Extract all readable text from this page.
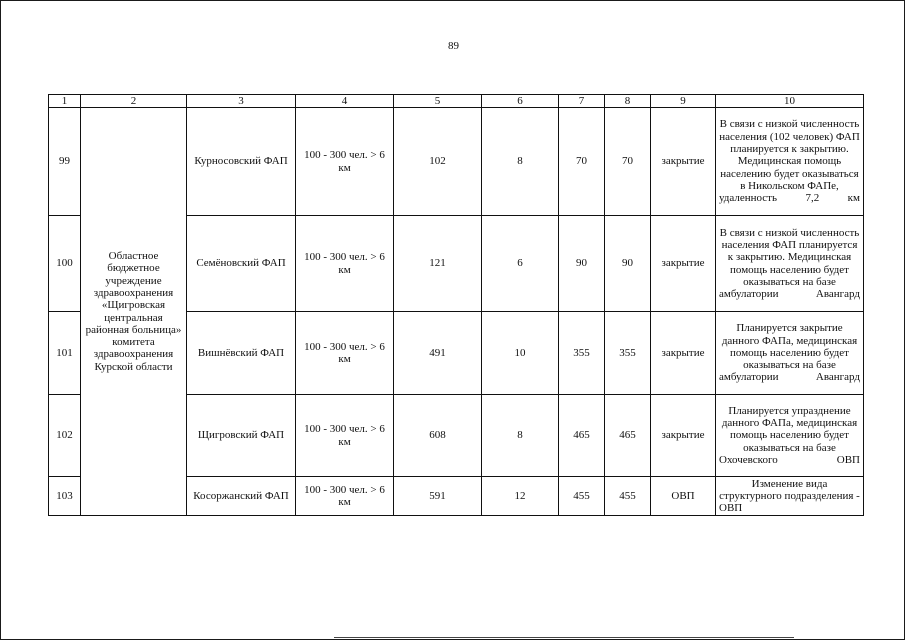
89
1	2	3	4	5	6	7	8	9	10
99	Областное бюджетное учреждение здравоохранения «Щигровская центральная районная больница» комитета здравоохранения Курской области	Курносовский ФАП	100 - 300 чел. > 6 км	102	8	70	70	закрытие	В связи с низкой численность населения (102 человек) ФАП планируется к закрытию. Медицинская помощь населению будет оказываться в Никольском ФАПе, удаленность 7,2 км

100		Семёновский ФАП	100 - 300 чел. > 6 км	121	6	90	90	закрытие	В связи с низкой численность населения ФАП планируется к закрытию. Медицинская помощь населению будет оказываться на базе амбулатории Авангард

101		Вишнёвский ФАП	100 - 300 чел. > 6 км	491	10	355	355	закрытие	Планируется закрытие данного ФАПа, медицинская помощь населению будет оказываться на базе амбулатории Авангард

102		Щигровский ФАП	100 - 300 чел. > 6 км	608	8	465	465	закрытие	Планируется упразднение данного ФАПа, медицинская помощь населению будет оказываться на базе Охочевского ОВП

103		Косоржанский ФАП	100 - 300 чел. > 6 км	591	12	455	455	ОВП	Изменение вида структурного подразделения - ОВП
